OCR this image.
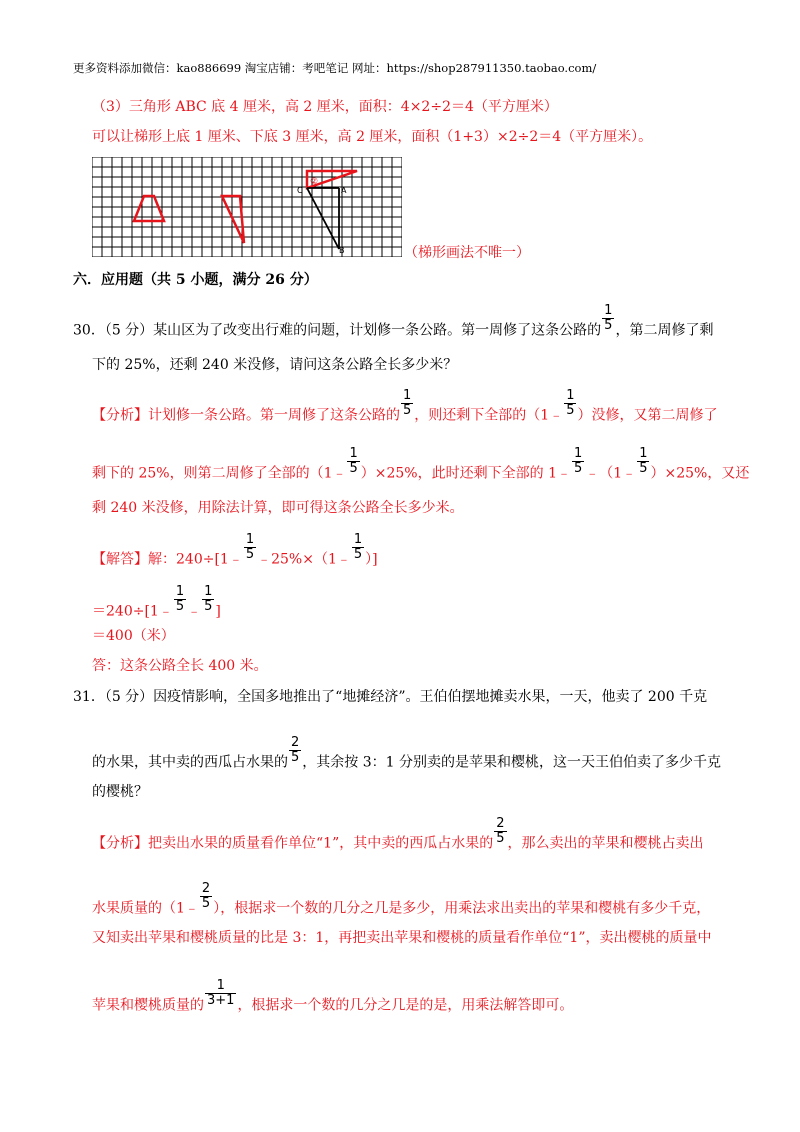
更多资料添加微信：kao886699 淘宝店铺：考吧笔记 网址：https://shop287911350.taobao.com/
（3）三角形 ABC 底 4 厘米，高 2 厘米，面积：4×2÷2＝4（平方厘米）
可以让梯形上底 1 厘米、下底 3 厘米，高 2 厘米，面积（1+3）×2÷2＝4（平方厘米）。
C	A
B
②
（梯形画法不唯一）
六．应用题（共 5 小题，满分 26 分）
30．（5 分）某山区为了改变出行难的问题，计划修一条公路。第一周修了这条公路的 $\frac{1}{5}$ ，第二周修了剩
下的 25%，还剩 240 米没修，请问这条公路全长多少米？
【分析】计划修一条公路。第一周修了这条公路的 $\frac{1}{5}$ ，则还剩下全部的（1﹣ $\frac{1}{5}$ ）没修，又第二周修了
剩下的 25%，则第二周修了全部的（1﹣ $\frac{1}{5} )\times 25\%$，此时还剩下全部的 1﹣ $\frac{1}{5}$ ﹣（1﹣ $\frac{1}{5} )\times 25\%$，又还
剩 240 米没修，用除法计算，即可得这条公路全长多少米。
【解答】解：240÷[1﹣ $\frac{1}{5}$ ﹣25%×（1﹣ $\frac{1}{5}$ ）]
＝240÷[1﹣ $\frac{1}{5}$ ﹣ $\frac{1}{5}$ ]
＝400（米）
答：这条公路全长 400 米。
31．（5 分）因疫情影响，全国多地推出了“地摊经济”。王伯伯摆地摊卖水果，一天，他卖了 200 千克
的水果，其中卖的西瓜占水果的 $\frac{2}{5}$ ，其余按 3：1 分别卖的是苹果和樱桃，这一天王伯伯卖了多少千克
的樱桃？
【分析】把卖出水果的质量看作单位“1”，其中卖的西瓜占水果的 $\frac{2}{5}$ ，那么卖出的苹果和樱桃占卖出
水果质量的（1﹣ $\frac{2}{5}$ ），根据求一个数的几分之几是多少，用乘法求出卖出的苹果和樱桃有多少千克，
又知卖出苹果和樱桃质量的比是 3：1，再把卖出苹果和樱桃的质量看作单位“1”，卖出樱桃的质量中
苹果和樱桃质量的 $\frac{1}{3+1}$ ，根据求一个数的几分之几是的是，用乘法解答即可。
